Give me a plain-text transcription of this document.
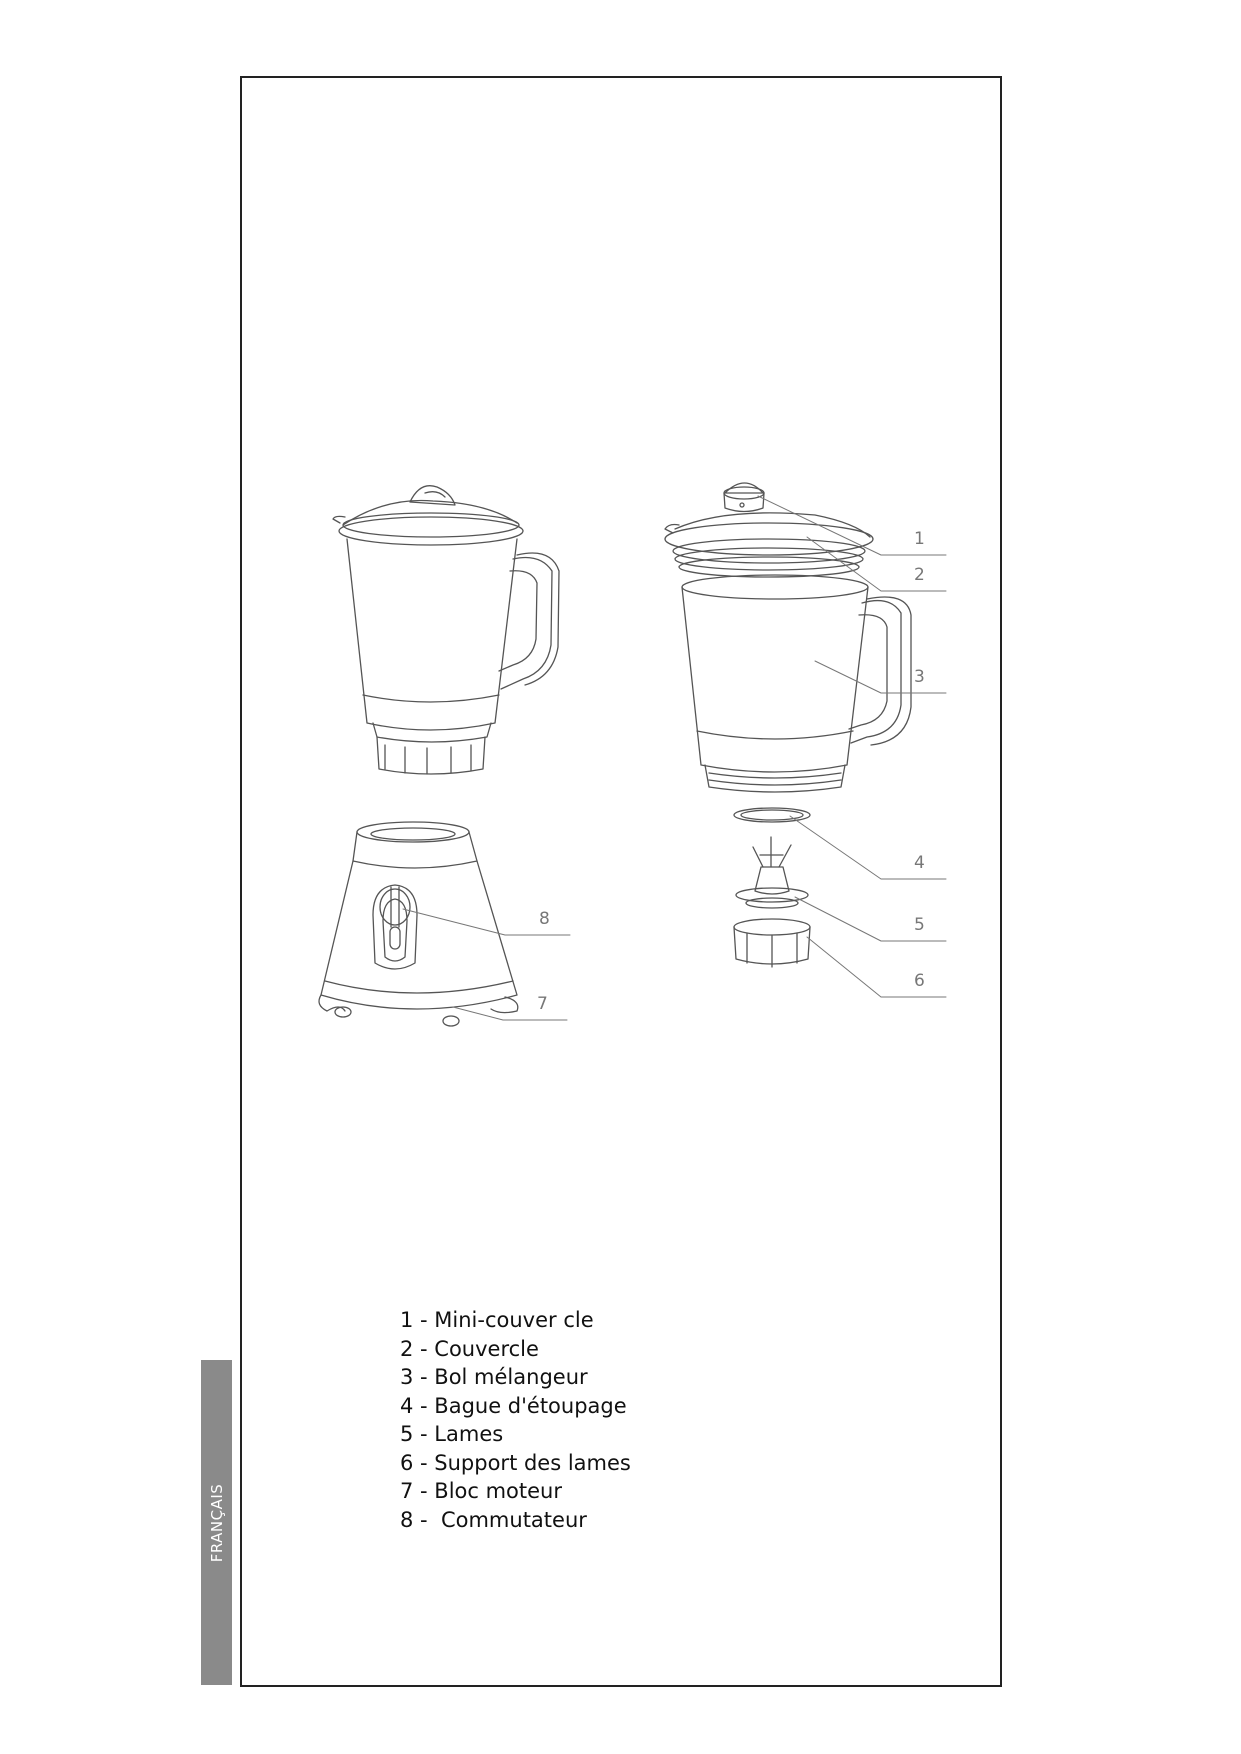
FRANÇAIS
1
2
3
4
5
6
7
8
1 - Mini-couver cle
2 - Couvercle
3 - Bol mélangeur
4 - Bague d'étoupage
5 - Lames
6 - Support des lames
7 - Bloc moteur
8 -  Commutateur
